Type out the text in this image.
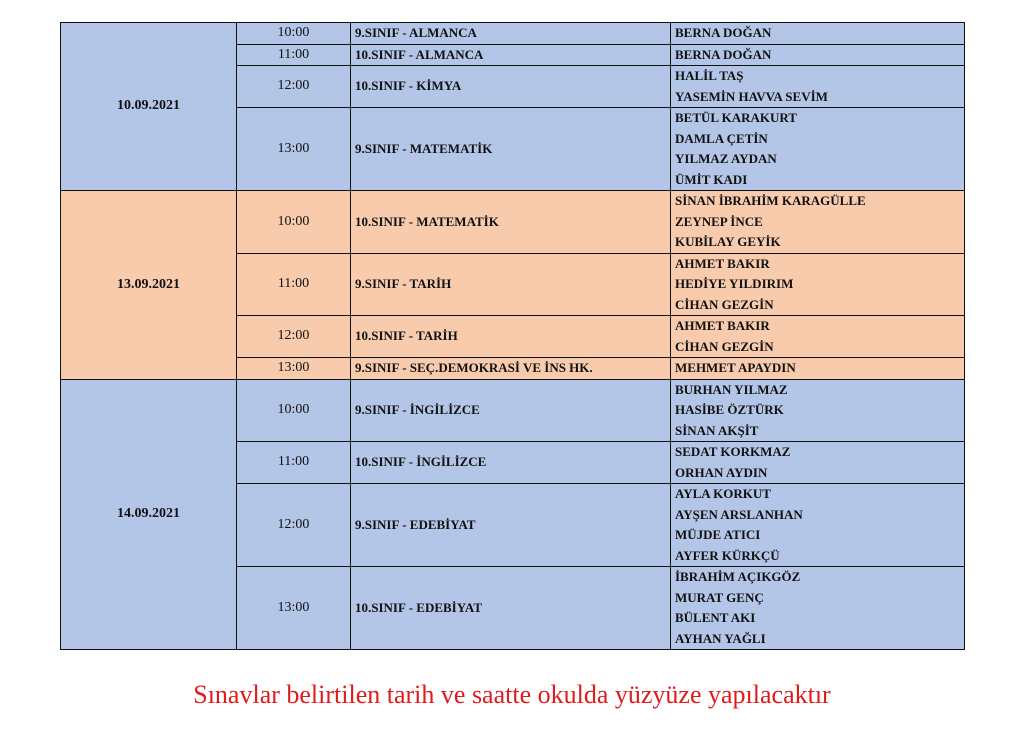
10.09.2021	10:00	9.SINIF - ALMANCA	BERNA DOĞAN

	11:00	10.SINIF - ALMANCA	BERNA DOĞAN

	12:00	10.SINIF - KİMYA	HALİL TAŞ
YASEMİN HAVVA SEVİM

	13:00	9.SINIF - MATEMATİK	BETÜL KARAKURT
DAMLA ÇETİN
YILMAZ AYDAN
ÜMİT KADI

13.09.2021	10:00	10.SINIF - MATEMATİK	SİNAN İBRAHİM KARAGÜLLE
ZEYNEP İNCE
KUBİLAY GEYİK

	11:00	9.SINIF - TARİH	AHMET BAKIR
HEDİYE YILDIRIM
CİHAN GEZGİN

	12:00	10.SINIF - TARİH	AHMET BAKIR
CİHAN GEZGİN

	13:00	9.SINIF - SEÇ.DEMOKRASİ VE İNS HK.	MEHMET APAYDIN

14.09.2021	10:00	9.SINIF - İNGİLİZCE	BURHAN YILMAZ
HASİBE ÖZTÜRK
SİNAN AKŞİT

	11:00	10.SINIF - İNGİLİZCE	SEDAT KORKMAZ
ORHAN AYDIN

	12:00	9.SINIF - EDEBİYAT	AYLA KORKUT
AYŞEN ARSLANHAN
MÜJDE ATICI
AYFER KÜRKÇÜ

	13:00	10.SINIF - EDEBİYAT	İBRAHİM AÇIKGÖZ
MURAT GENÇ
BÜLENT AKI
AYHAN YAĞLI
Sınavlar belirtilen tarih ve saatte okulda yüzyüze yapılacaktır
